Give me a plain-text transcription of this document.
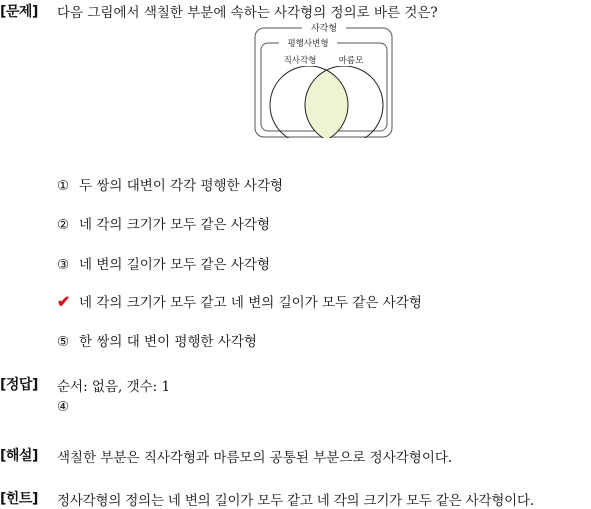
[문제] 다음 그림에서 색칠한 부분에 속하는 사각형의 정의로 바른 것은?
사각형
평행사변형
직사각형	마름모
① 두 쌍의 대변이 각각 평행한 사각형
② 네 각의 크기가 모두 같은 사각형
③ 네 변의 길이가 모두 같은 사각형
✔ 네 각의 크기가 모두 같고 네 변의 길이가 모두 같은 사각형
⑤ 한 쌍의 대 변이 평행한 사각형
[정답] 순서: 없음, 갯수: 1
④
[해설] 색칠한 부분은 직사각형과 마름모의 공통된 부분으로 정사각형이다.
[힌트] 정사각형의 정의는 네 변의 길이가 모두 같고 네 각의 크기가 모두 같은 사각형이다.
